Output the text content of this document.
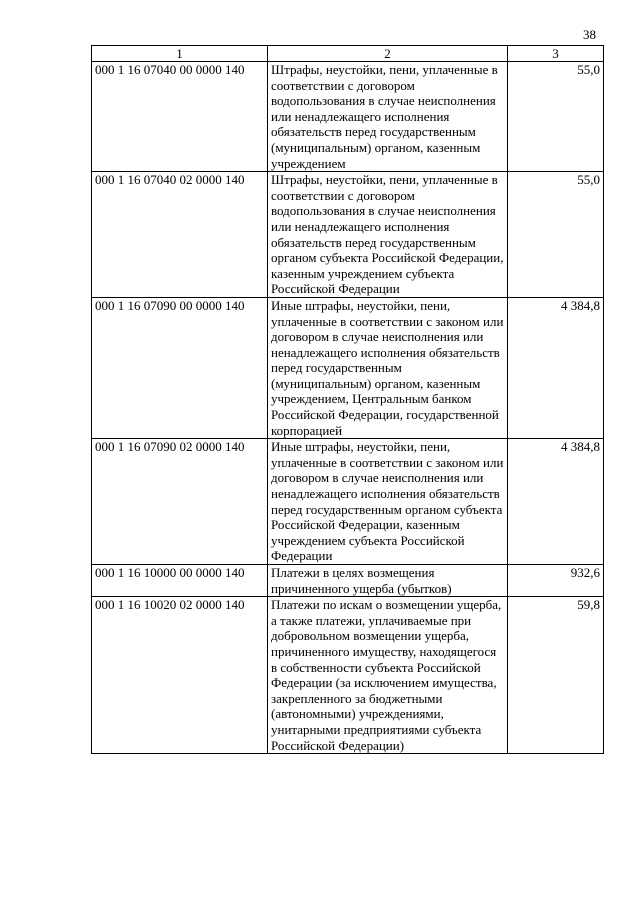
38
1	2	3
000 1 16 07040 00 0000 140	Штрафы, неустойки, пени, уплаченные в соответствии с договором водопользования в случае неисполнения или ненадлежащего исполнения обязательств перед государственным (муниципальным) органом, казенным учреждением	55,0
000 1 16 07040 02 0000 140	Штрафы, неустойки, пени, уплаченные в соответствии с договором водопользования в случае неисполнения или ненадлежащего исполнения обязательств перед государственным органом субъекта Российской Федерации, казенным учреждением субъекта Российской Федерации	55,0
000 1 16 07090 00 0000 140	Иные штрафы, неустойки, пени, уплаченные в соответствии с законом или договором в случае неисполнения или ненадлежащего исполнения обязательств перед государственным (муниципальным) органом, казенным учреждением, Центральным банком Российской Федерации, государственной корпорацией	4 384,8
000 1 16 07090 02 0000 140	Иные штрафы, неустойки, пени, уплаченные в соответствии с законом или договором в случае неисполнения или ненадлежащего исполнения обязательств перед государственным органом субъекта Российской Федерации, казенным учреждением субъекта Российской Федерации	4 384,8
000 1 16 10000 00 0000 140	Платежи в целях возмещения причиненного ущерба (убытков)	932,6
000 1 16 10020 02 0000 140	Платежи по искам о возмещении ущерба, а также платежи, уплачиваемые при добровольном возмещении ущерба, причиненного имуществу, находящегося в собственности субъекта Российской Федерации (за исключением имущества, закрепленного за бюджетными (автономными) учреждениями, унитарными предприятиями субъекта Российской Федерации)	59,8
